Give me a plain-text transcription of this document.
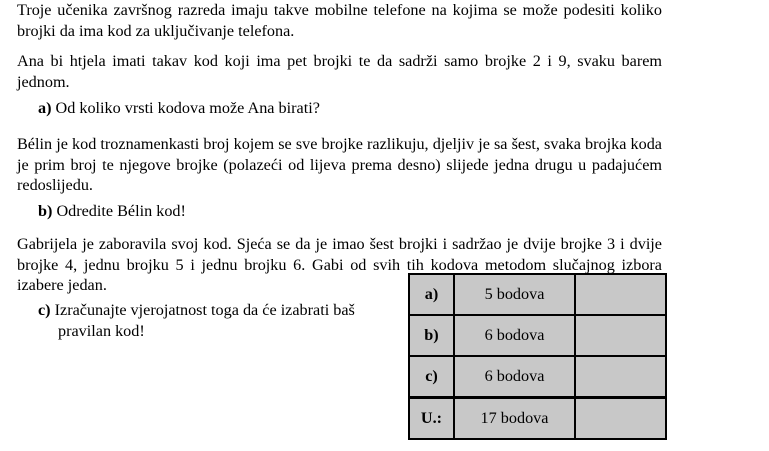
Troje učenika završnog razreda imaju takve mobilne telefone na kojima se može podesiti koliko brojki da ima kod za uključivanje telefona.
Ana bi htjela imati takav kod koji ima pet brojki te da sadrži samo brojke 2 i 9, svaku barem jednom.
a) Od koliko vrsti kodova može Ana birati?
Bélin je kod troznamenkasti broj kojem se sve brojke razlikuju, djeljiv je sa šest, svaka brojka koda je prim broj te njegove brojke (polazeći od lijeva prema desno) slijede jedna drugu u padajućem redoslijedu.
b) Odredite Bélin kod!
Gabrijela je zaboravila svoj kod. Sjeća se da je imao šest brojki i sadržao je dvije brojke 3 i dvije brojke 4, jednu brojku 5 i jednu brojku 6. Gabi od svih tih kodova metodom slučajnog izbora izabere jedan.
c) Izračunajte vjerojatnost toga da će izabrati baš
pravilan kod!
a)	5 bodova	
b)	6 bodova	
c)	6 bodova	
U.:	17 bodova	
